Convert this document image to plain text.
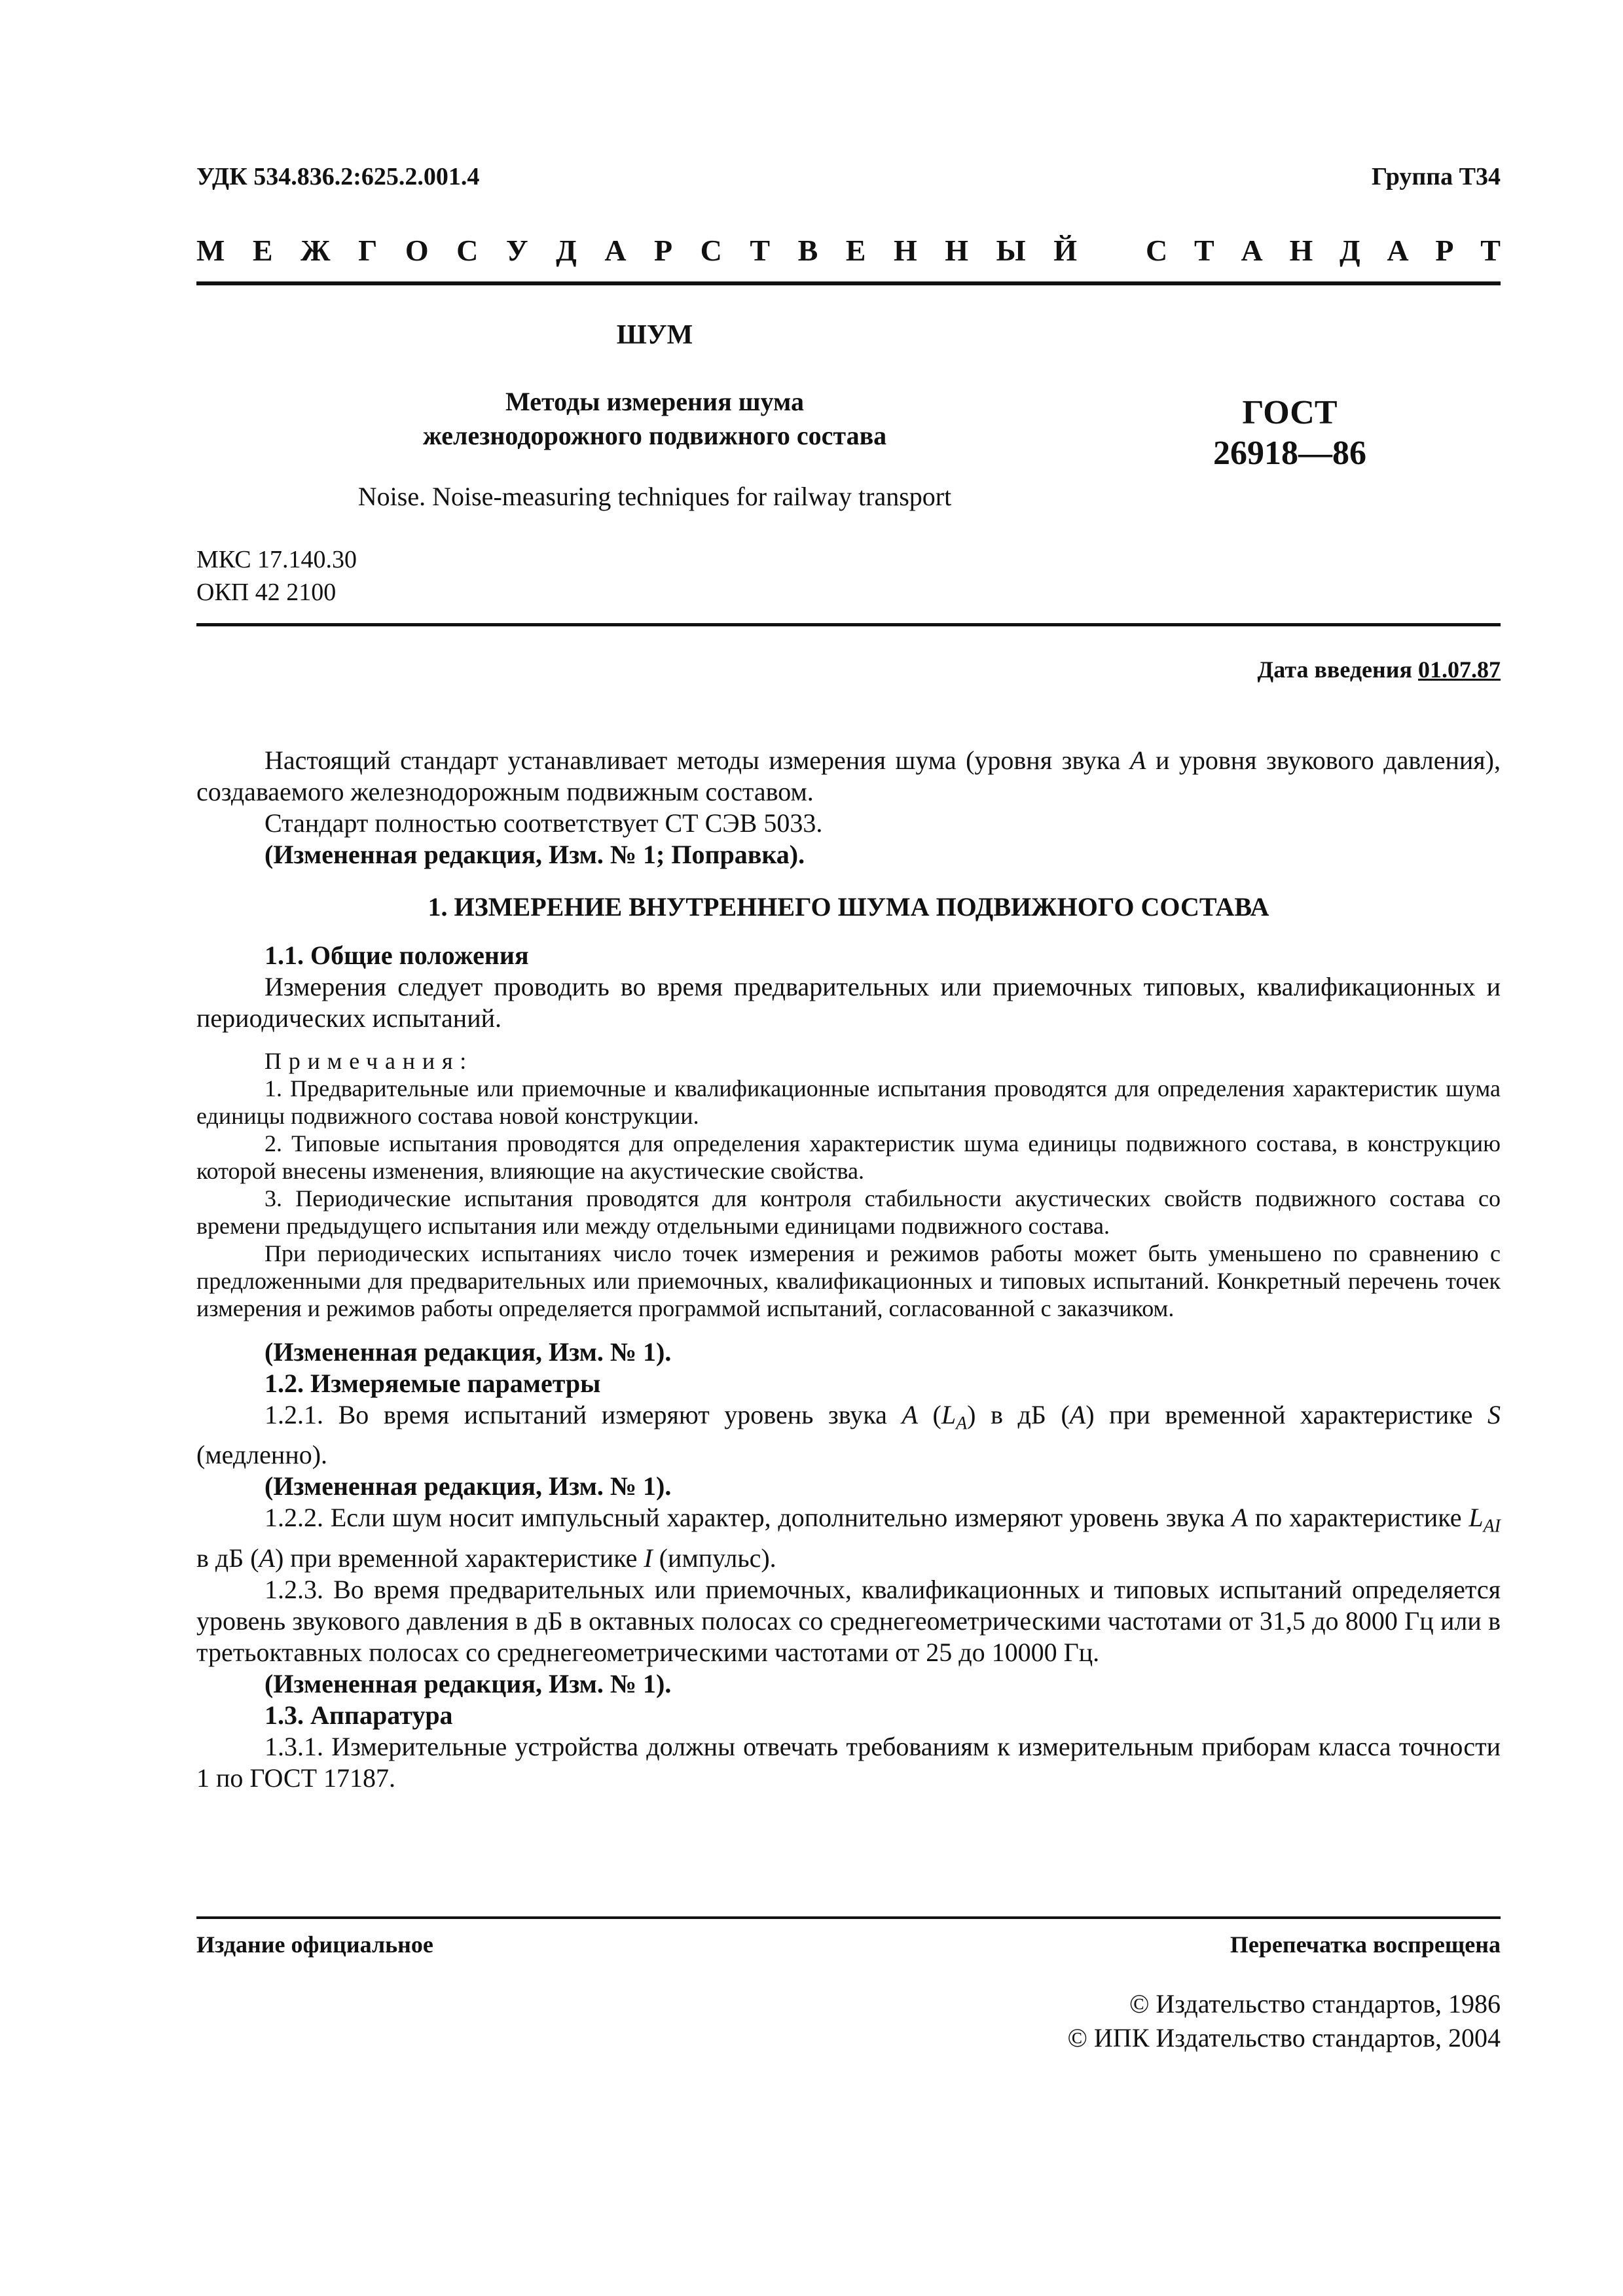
УДК 534.836.2:625.2.001.4	Группа Т34
М Е Ж Г О С У Д А Р С Т В Е Н Н Ы Й С Т А Н Д А Р Т
ШУМ
Методы измерения шума
железнодорожного подвижного состава
ГОСТ
26918—86
Noise. Noise-measuring techniques for railway transport
МКС 17.140.30
ОКП 42 2100
Дата введения 01.07.87
Настоящий стандарт устанавливает методы измерения шума (уровня звука A и уровня звукового давления), создаваемого железнодорожным подвижным составом.
Стандарт полностью соответствует СТ СЭВ 5033.
(Измененная редакция, Изм. № 1; Поправка).
1. ИЗМЕРЕНИЕ ВНУТРЕННЕГО ШУМА ПОДВИЖНОГО СОСТАВА
1.1. Общие положения
Измерения следует проводить во время предварительных или приемочных типовых, квалификационных и периодических испытаний.
Примечания:
1. Предварительные или приемочные и квалификационные испытания проводятся для определения характеристик шума единицы подвижного состава новой конструкции.
2. Типовые испытания проводятся для определения характеристик шума единицы подвижного состава, в конструкцию которой внесены изменения, влияющие на акустические свойства.
3. Периодические испытания проводятся для контроля стабильности акустических свойств подвижного состава со времени предыдущего испытания или между отдельными единицами подвижного состава.
При периодических испытаниях число точек измерения и режимов работы может быть уменьшено по сравнению с предложенными для предварительных или приемочных, квалификационных и типовых испытаний. Конкретный перечень точек измерения и режимов работы определяется программой испытаний, согласованной с заказчиком.
(Измененная редакция, Изм. № 1).
1.2. Измеряемые параметры
1.2.1. Во время испытаний измеряют уровень звука A $(L_A)$ в дБ (A) при временной характеристике S (медленно).
(Измененная редакция, Изм. № 1).
1.2.2. Если шум носит импульсный характер, дополнительно измеряют уровень звука A по характеристике $L_{AI}$ в дБ (A) при временной характеристике I (импульс).
1.2.3. Во время предварительных или приемочных, квалификационных и типовых испытаний определяется уровень звукового давления в дБ в октавных полосах со среднегеометрическими частотами от 31,5 до 8000 Гц или в третьоктавных полосах со среднегеометрическими частотами от 25 до 10000 Гц.
(Измененная редакция, Изм. № 1).
1.3. Аппаратура
1.3.1. Измерительные устройства должны отвечать требованиям к измерительным приборам класса точности 1 по ГОСТ 17187.
Издание официальное	Перепечатка воспрещена
© Издательство стандартов, 1986
© ИПК Издательство стандартов, 2004
